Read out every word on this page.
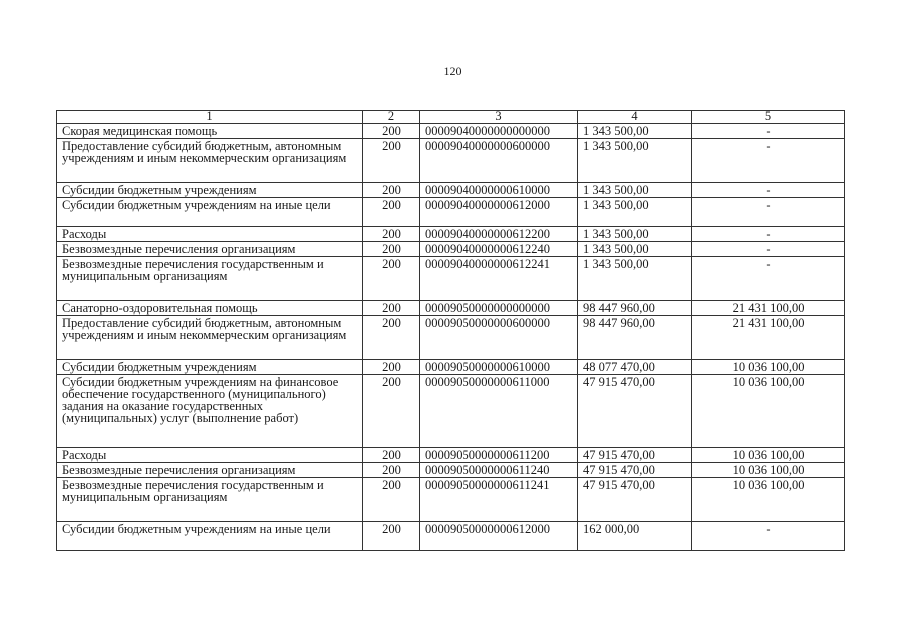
120
1	2	3	4	5
Скорая медицинская помощь	200	00009040000000000000	1 343 500,00	-
Предоставление субсидий бюджетным, автономным учреждениям и иным некоммерческим организациям	200	00009040000000600000	1 343 500,00	-
Субсидии бюджетным учреждениям	200	00009040000000610000	1 343 500,00	-
Субсидии бюджетным учреждениям на иные цели	200	00009040000000612000	1 343 500,00	-
Расходы	200	00009040000000612200	1 343 500,00	-
Безвозмездные перечисления организациям	200	00009040000000612240	1 343 500,00	-
Безвозмездные перечисления государственным и муниципальным организациям	200	00009040000000612241	1 343 500,00	-
Санаторно-оздоровительная помощь	200	00009050000000000000	98 447 960,00	21 431 100,00
Предоставление субсидий бюджетным, автономным учреждениям и иным некоммерческим организациям	200	00009050000000600000	98 447 960,00	21 431 100,00
Субсидии бюджетным учреждениям	200	00009050000000610000	48 077 470,00	10 036 100,00
Субсидии бюджетным учреждениям на финансовое обеспечение государственного (муниципального) задания на оказание государственных (муниципальных) услуг (выполнение работ)	200	00009050000000611000	47 915 470,00	10 036 100,00
Расходы	200	00009050000000611200	47 915 470,00	10 036 100,00
Безвозмездные перечисления организациям	200	00009050000000611240	47 915 470,00	10 036 100,00
Безвозмездные перечисления государственным и муниципальным организациям	200	00009050000000611241	47 915 470,00	10 036 100,00
Субсидии бюджетным учреждениям на иные цели	200	00009050000000612000	162 000,00	-
